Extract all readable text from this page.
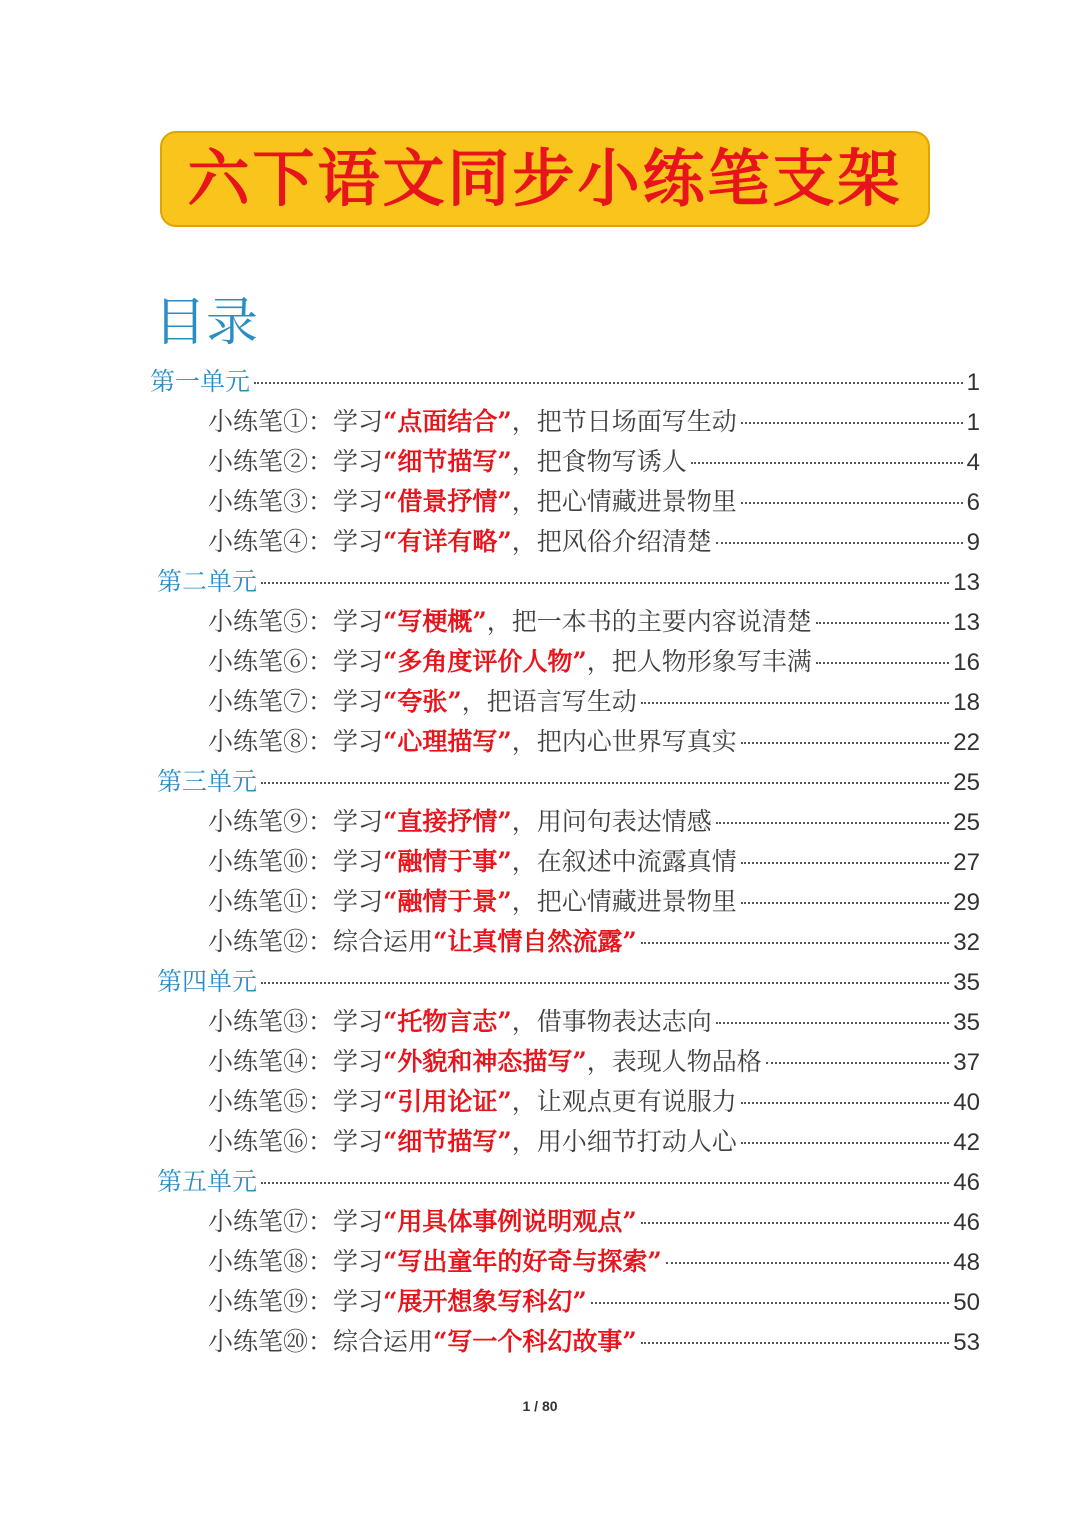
六下语文同步小练笔支架
目录
第一单元	1
小练笔①：学习 “点面结合” ，把节日场面写生动	1
小练笔②：学习 “细节描写” ，把食物写诱人	4
小练笔③：学习 “借景抒情” ，把心情藏进景物里	6
小练笔④：学习 “有详有略” ，把风俗介绍清楚	9
第二单元	13
小练笔⑤：学习 “写梗概” ，把一本书的主要内容说清楚	13
小练笔⑥：学习 “多角度评价人物” ，把人物形象写丰满	16
小练笔⑦：学习 “夸张” ，把语言写生动	18
小练笔⑧：学习 “心理描写” ，把内心世界写真实	22
第三单元	25
小练笔⑨：学习 “直接抒情” ，用问句表达情感	25
小练笔⑩：学习 “融情于事” ，在叙述中流露真情	27
小练笔⑪：学习 “融情于景” ，把心情藏进景物里	29
小练笔⑫：综合运用 “让真情自然流露”	32
第四单元	35
小练笔⑬：学习 “托物言志” ，借事物表达志向	35
小练笔⑭：学习 “外貌和神态描写” ，表现人物品格	37
小练笔⑮：学习 “引用论证” ，让观点更有说服力	40
小练笔⑯：学习 “细节描写” ，用小细节打动人心	42
第五单元	46
小练笔⑰：学习 “用具体事例说明观点”	46
小练笔⑱：学习 “写出童年的好奇与探索”	48
小练笔⑲：学习 “展开想象写科幻”	50
小练笔⑳：综合运用 “写一个科幻故事”	53
1 / 80
